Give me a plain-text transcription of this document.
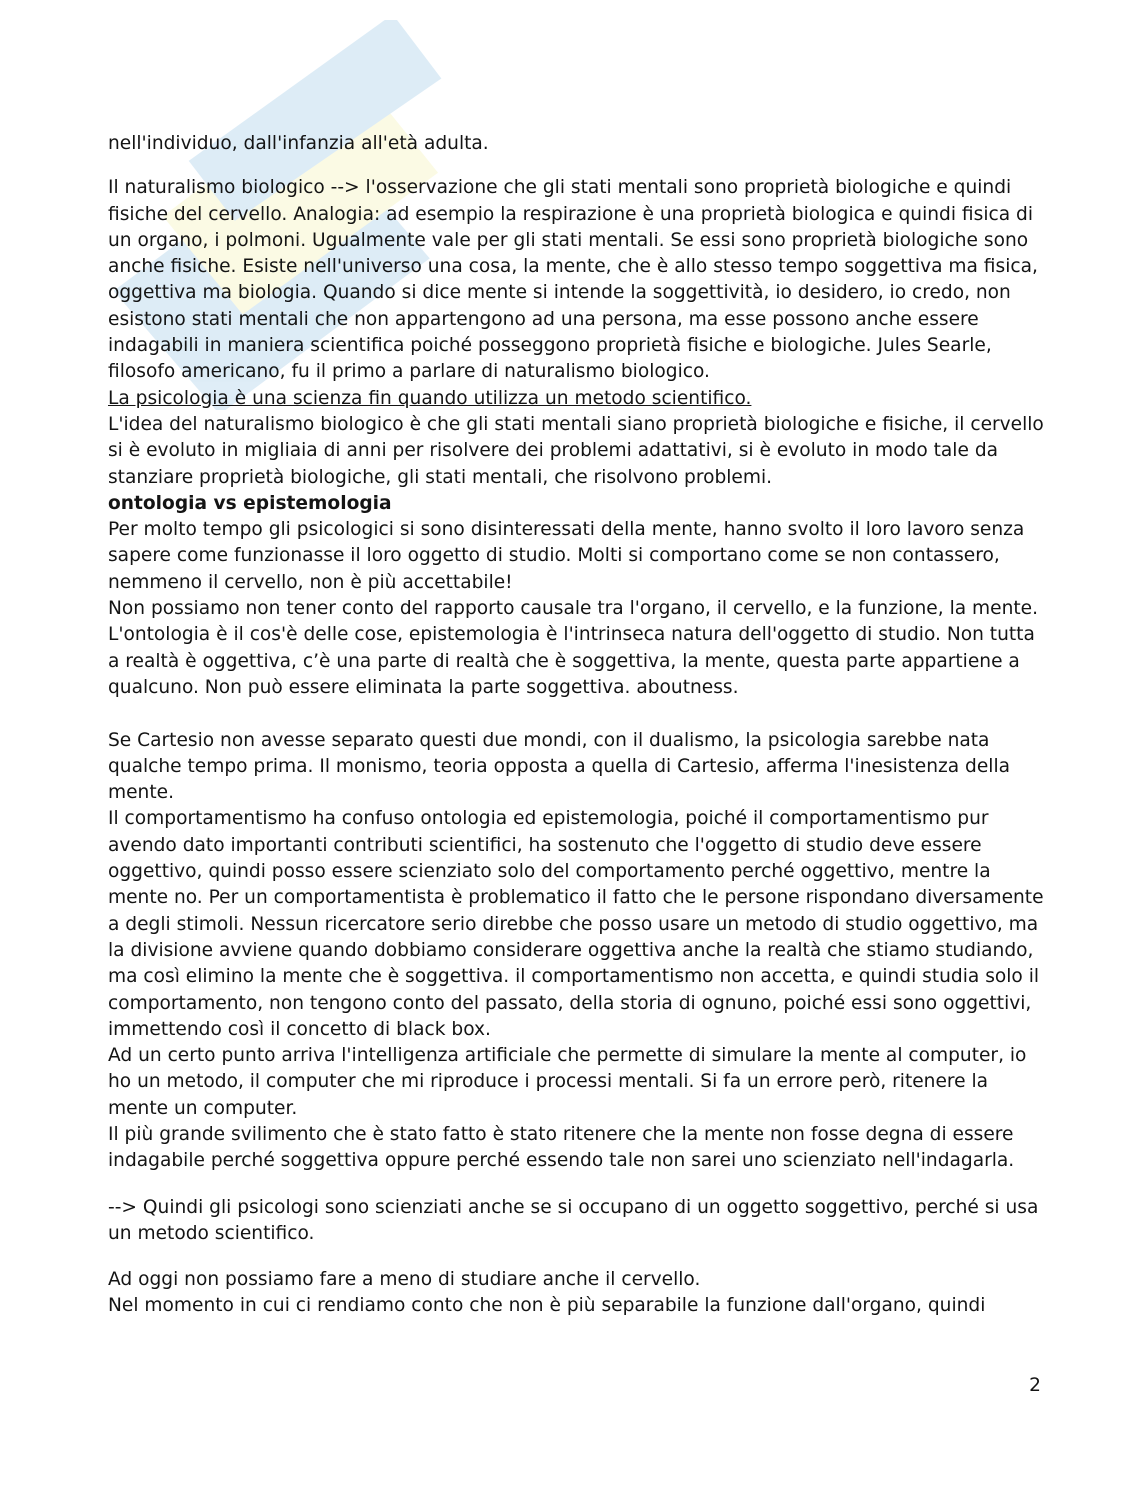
nell'individuo, dall'infanzia all'età adulta.

Il naturalismo biologico --> l'osservazione che gli stati mentali sono proprietà biologiche e quindi fisiche del cervello. Analogia: ad esempio la respirazione è una proprietà biologica e quindi fisica di un organo, i polmoni. Ugualmente vale per gli stati mentali. Se essi sono proprietà biologiche sono anche fisiche. Esiste nell'universo una cosa, la mente, che è allo stesso tempo soggettiva ma fisica, oggettiva ma biologia. Quando si dice mente si intende la soggettività, io desidero, io credo, non esistono stati mentali che non appartengono ad una persona, ma esse possono anche essere indagabili in maniera scientifica poiché posseggono proprietà fisiche e biologiche. Jules Searle, filosofo americano, fu il primo a parlare di naturalismo biologico.

La psicologia è una scienza fin quando utilizza un metodo scientifico.

L'idea del naturalismo biologico è che gli stati mentali siano proprietà biologiche e fisiche, il cervello si è evoluto in migliaia di anni per risolvere dei problemi adattativi, si è evoluto in modo tale da stanziare proprietà biologiche, gli stati mentali, che risolvono problemi.

ontologia vs epistemologia

Per molto tempo gli psicologici si sono disinteressati della mente, hanno svolto il loro lavoro senza sapere come funzionasse il loro oggetto di studio. Molti si comportano come se non contassero, nemmeno il cervello, non è più accettabile!

Non possiamo non tener conto del rapporto causale tra l'organo, il cervello, e la funzione, la mente. L'ontologia è il cos'è delle cose, epistemologia è l'intrinseca natura dell'oggetto di studio. Non tutta a realtà è oggettiva, c’è una parte di realtà che è soggettiva, la mente, questa parte appartiene a qualcuno. Non può essere eliminata la parte soggettiva. aboutness.

Se Cartesio non avesse separato questi due mondi, con il dualismo, la psicologia sarebbe nata qualche tempo prima. Il monismo, teoria opposta a quella di Cartesio, afferma l'inesistenza della mente.

Il comportamentismo ha confuso ontologia ed epistemologia, poiché il comportamentismo pur avendo dato importanti contributi scientifici, ha sostenuto che l'oggetto di studio deve essere oggettivo, quindi posso essere scienziato solo del comportamento perché oggettivo, mentre la mente no. Per un comportamentista è problematico il fatto che le persone rispondano diversamente a degli stimoli. Nessun ricercatore serio direbbe che posso usare un metodo di studio oggettivo, ma la divisione avviene quando dobbiamo considerare oggettiva anche la realtà che stiamo studiando, ma così elimino la mente che è soggettiva. il comportamentismo non accetta, e quindi studia solo il comportamento, non tengono conto del passato, della storia di ognuno, poiché essi sono oggettivi, immettendo così il concetto di black box.

Ad un certo punto arriva l'intelligenza artificiale che permette di simulare la mente al computer, io ho un metodo, il computer che mi riproduce i processi mentali. Si fa un errore però, ritenere la mente un computer.

Il più grande svilimento che è stato fatto è stato ritenere che la mente non fosse degna di essere indagabile perché soggettiva oppure perché essendo tale non sarei uno scienziato nell'indagarla.

--> Quindi gli psicologi sono scienziati anche se si occupano di un oggetto soggettivo, perché si usa un metodo scientifico.

Ad oggi non possiamo fare a meno di studiare anche il cervello.

Nel momento in cui ci rendiamo conto che non è più separabile la funzione dall'organo, quindi

2
